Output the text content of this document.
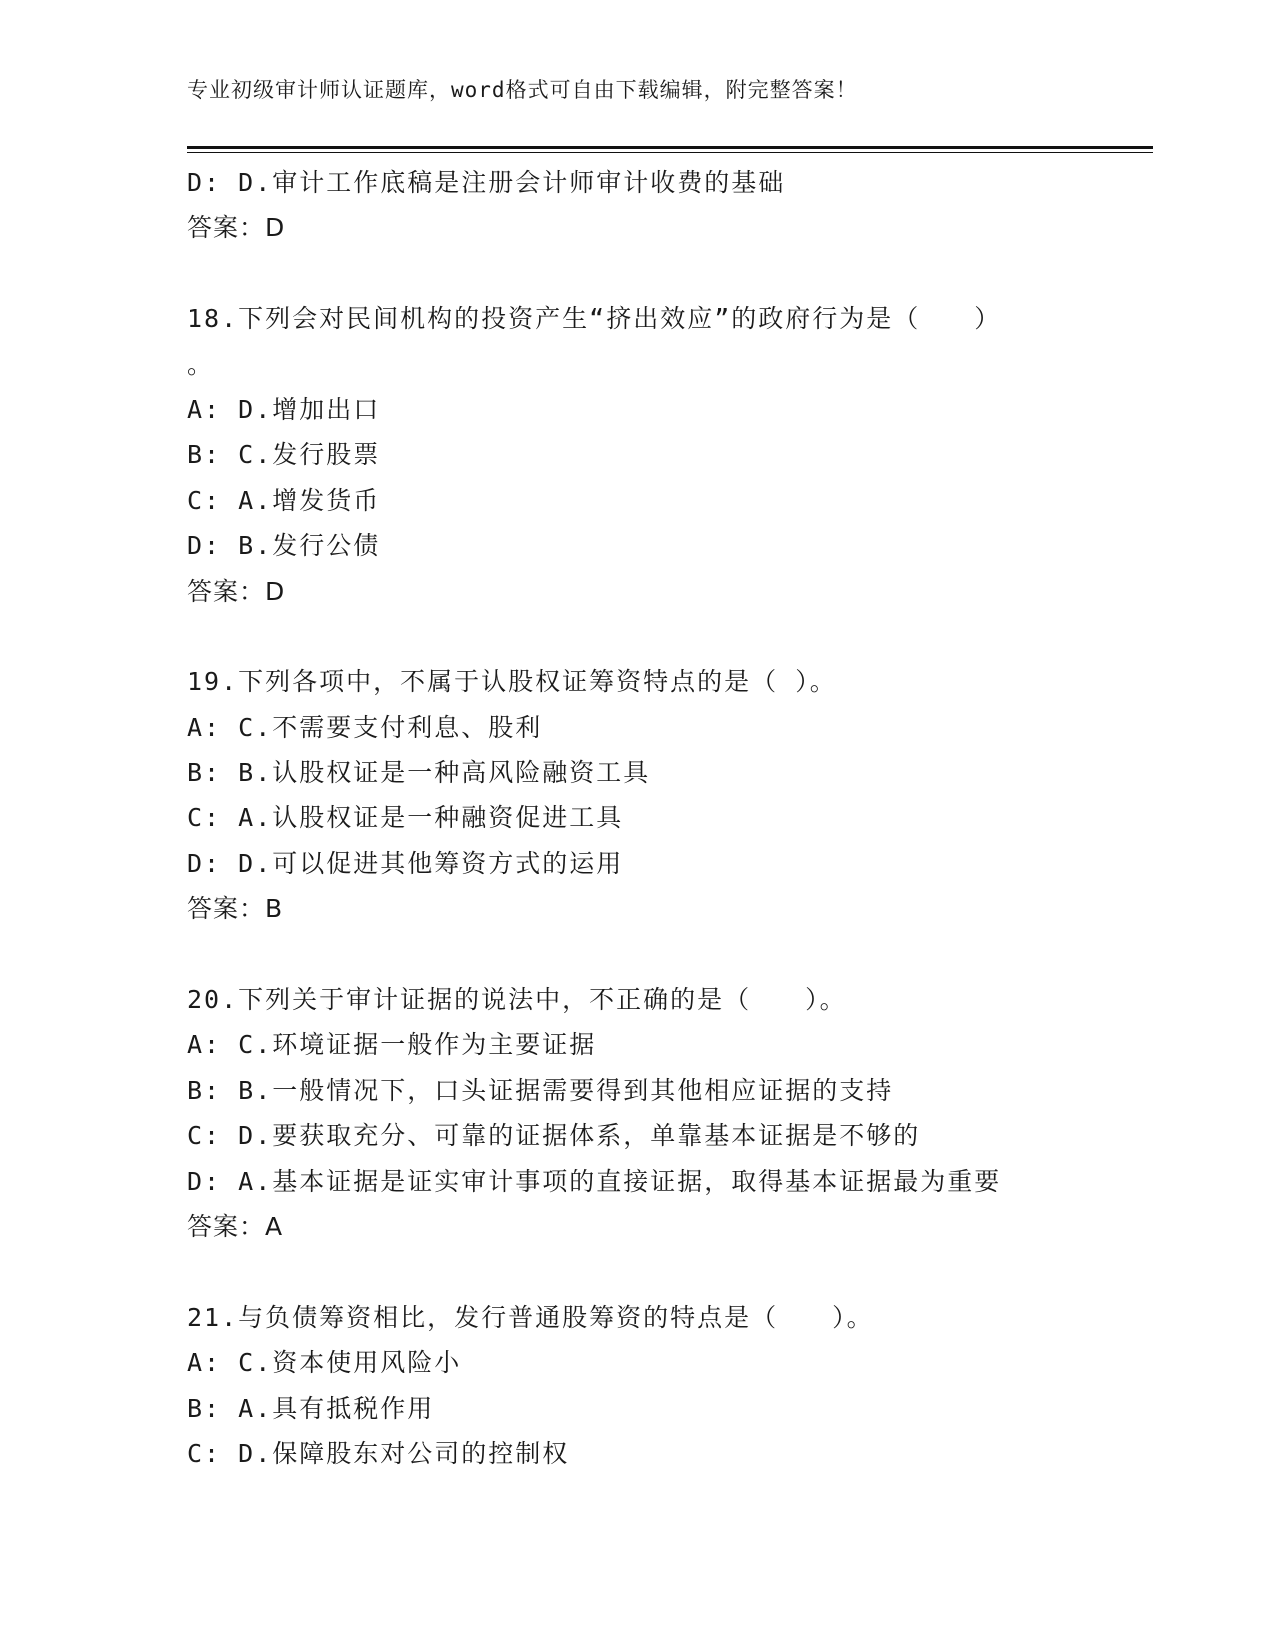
专业初级审计师认证题库，word格式可自由下载编辑，附完整答案！
D: D.审计工作底稿是注册会计师审计收费的基础
答案：D
18.下列会对民间机构的投资产生“挤出效应”的政府行为是（　　）
。
A: D.增加出口
B: C.发行股票
C: A.增发货币
D: B.发行公债
答案：D
19.下列各项中，不属于认股权证筹资特点的是（ ）。
A: C.不需要支付利息、股利
B: B.认股权证是一种高风险融资工具
C: A.认股权证是一种融资促进工具
D: D.可以促进其他筹资方式的运用
答案：B
20.下列关于审计证据的说法中，不正确的是（　　）。
A: C.环境证据一般作为主要证据
B: B.一般情况下，口头证据需要得到其他相应证据的支持
C: D.要获取充分、可靠的证据体系，单靠基本证据是不够的
D: A.基本证据是证实审计事项的直接证据，取得基本证据最为重要
答案：A
21.与负债筹资相比，发行普通股筹资的特点是（　　）。
A: C.资本使用风险小
B: A.具有抵税作用
C: D.保障股东对公司的控制权
